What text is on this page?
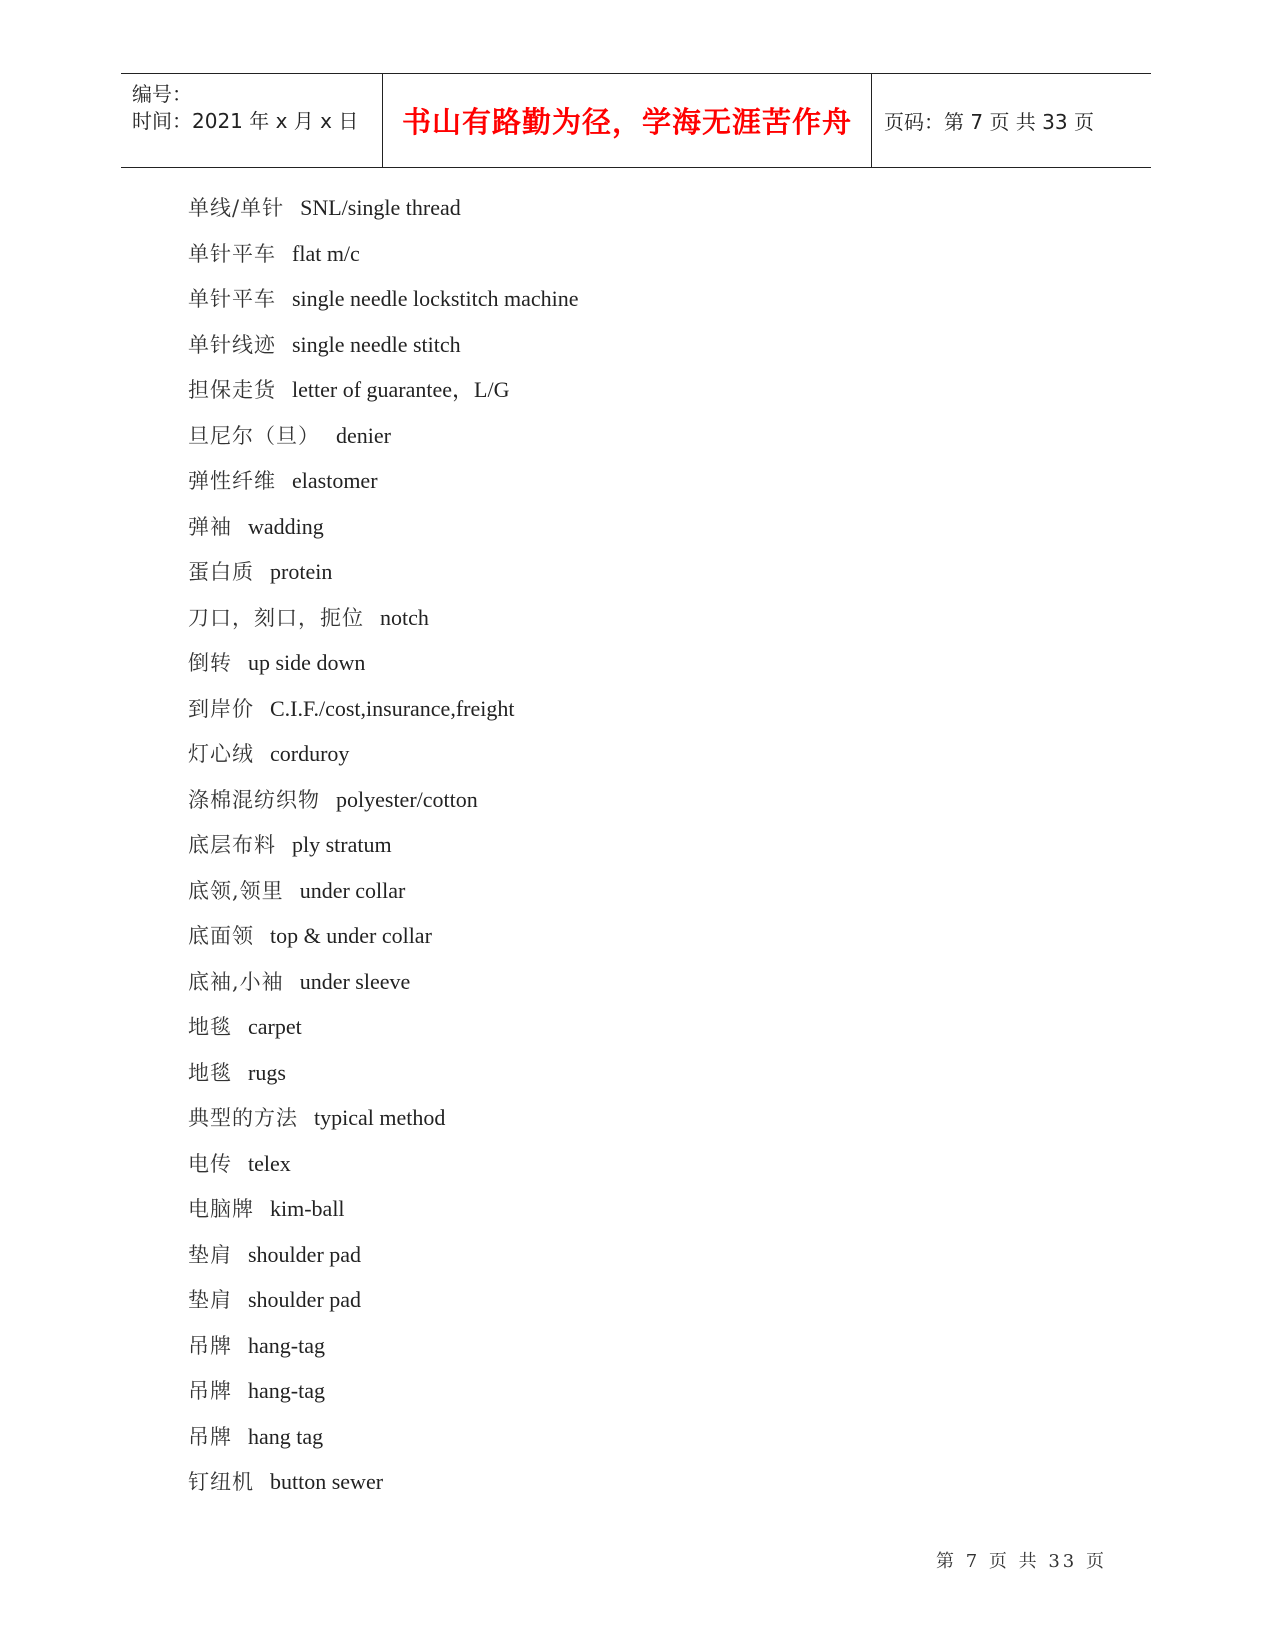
编号：
时间：2021 年 x 月 x 日 书山有路勤为径，学海无涯苦作舟 页码：第 7 页 共 33 页
单线/单针 SNL/single thread
单针平车 flat m/c
单针平车 single needle lockstitch machine
单针线迹 single needle stitch
担保走货 letter of guarantee，L/G
旦尼尔（旦） denier
弹性纤维 elastomer
弹袖 wadding
蛋白质 protein
刀口，刻口，扼位 notch
倒转 up side down
到岸价 C.I.F./cost,insurance,freight
灯心绒 corduroy
涤棉混纺织物 polyester/cotton
底层布料 ply stratum
底领,领里 under collar
底面领 top & under collar
底袖,小袖 under sleeve
地毯 carpet
地毯 rugs
典型的方法 typical method
电传 telex
电脑牌 kim-ball
垫肩 shoulder pad
垫肩 shoulder pad
吊牌 hang-tag
吊牌 hang-tag
吊牌 hang tag
钉纽机 button sewer
第 7 页 共 33 页
